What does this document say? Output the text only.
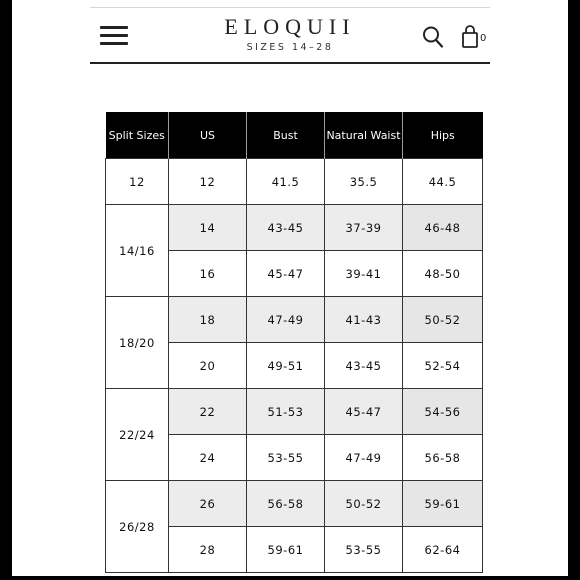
ELOQUII
SIZES 14–28
0
Split Sizes	US	Bust	Natural Waist	Hips
12	12	41.5	35.5	44.5
14/16	14	43-45	37-39	46-48
	16	45-47	39-41	48-50
18/20	18	47-49	41-43	50-52
	20	49-51	43-45	52-54
22/24	22	51-53	45-47	54-56
	24	53-55	47-49	56-58
26/28	26	56-58	50-52	59-61
	28	59-61	53-55	62-64
